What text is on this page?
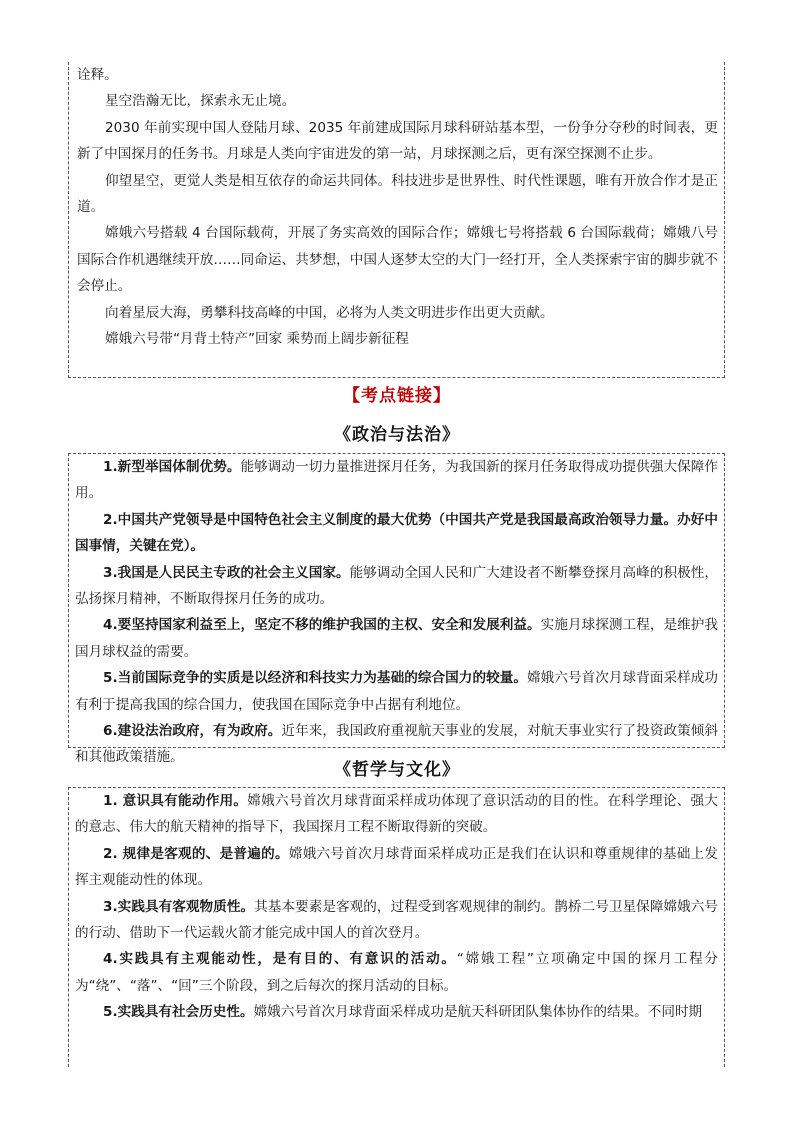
诠释。

星空浩瀚无比，探索永无止境。

2030 年前实现中国人登陆月球、2035 年前建成国际月球科研站基本型，一份争分夺秒的时间表，更新了中国探月的任务书。月球是人类向宇宙进发的第一站，月球探测之后，更有深空探测不止步。

仰望星空，更觉人类是相互依存的命运共同体。科技进步是世界性、时代性课题，唯有开放合作才是正道。

嫦娥六号搭载 4 台国际载荷，开展了务实高效的国际合作；嫦娥七号将搭载 6 台国际载荷；嫦娥八号国际合作机遇继续开放……同命运、共梦想，中国人逐梦太空的大门一经打开，全人类探索宇宙的脚步就不会停止。

向着星辰大海，勇攀科技高峰的中国，必将为人类文明进步作出更大贡献。

嫦娥六号带“月背土特产”回家 乘势而上阔步新征程

【考点链接】
《政治与法治》

1.新型举国体制优势。能够调动一切力量推进探月任务，为我国新的探月任务取得成功提供强大保障作用。

2.中国共产党领导是中国特色社会主义制度的最大优势（中国共产党是我国最高政治领导力量。办好中国事情，关键在党）。

3.我国是人民民主专政的社会主义国家。能够调动全国人民和广大建设者不断攀登探月高峰的积极性，弘扬探月精神，不断取得探月任务的成功。

4.要坚持国家利益至上，坚定不移的维护我国的主权、安全和发展利益。实施月球探测工程，是维护我国月球权益的需要。

5.当前国际竞争的实质是以经济和科技实力为基础的综合国力的较量。嫦娥六号首次月球背面采样成功有利于提高我国的综合国力，使我国在国际竞争中占据有利地位。

6.建设法治政府，有为政府。近年来，我国政府重视航天事业的发展，对航天事业实行了投资政策倾斜和其他政策措施。

《哲学与文化》

1. 意识具有能动作用。嫦娥六号首次月球背面采样成功体现了意识活动的目的性。在科学理论、强大的意志、伟大的航天精神的指导下，我国探月工程不断取得新的突破。

2. 规律是客观的、是普遍的。嫦娥六号首次月球背面采样成功正是我们在认识和尊重规律的基础上发挥主观能动性的体现。

3.实践具有客观物质性。其基本要素是客观的，过程受到客观规律的制约。鹊桥二号卫星保障嫦娥六号的行动、借助下一代运载火箭才能完成中国人的首次登月。

4.实践具有主观能动性，是有目的、有意识的活动。“嫦娥工程”立项确定中国的探月工程分为“绕”、“落”、“回”三个阶段，到之后每次的探月活动的目标。

5.实践具有社会历史性。嫦娥六号首次月球背面采样成功是航天科研团队集体协作的结果。不同时期
